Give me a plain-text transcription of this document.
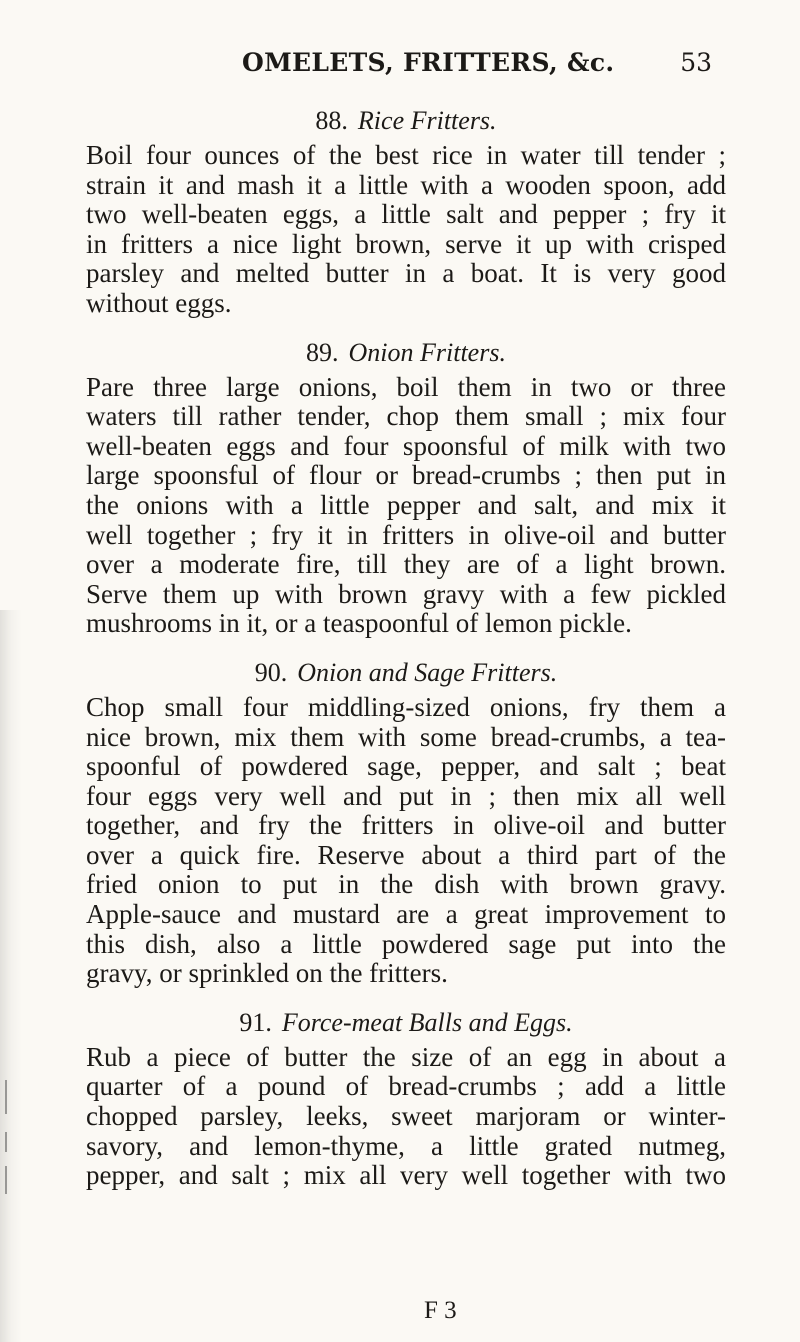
OMELETS, FRITTERS, &c.	53
88. Rice Fritters.

Boil four ounces of the best rice in water till tender ;
strain it and mash it a little with a wooden spoon, add
two well-beaten eggs, a little salt and pepper ; fry it
in fritters a nice light brown, serve it up with crisped
parsley and melted butter in a boat. It is very good
without eggs.

89. Onion Fritters.

Pare three large onions, boil them in two or three
waters till rather tender, chop them small ; mix four
well-beaten eggs and four spoonsful of milk with two
large spoonsful of flour or bread-crumbs ; then put in
the onions with a little pepper and salt, and mix it
well together ; fry it in fritters in olive-oil and butter
over a moderate fire, till they are of a light brown.
Serve them up with brown gravy with a few pickled
mushrooms in it, or a teaspoonful of lemon pickle.

90. Onion and Sage Fritters.

Chop small four middling-sized onions, fry them a
nice brown, mix them with some bread-crumbs, a tea-
spoonful of powdered sage, pepper, and salt ; beat
four eggs very well and put in ; then mix all well
together, and fry the fritters in olive-oil and butter
over a quick fire. Reserve about a third part of the
fried onion to put in the dish with brown gravy.
Apple-sauce and mustard are a great improvement to
this dish, also a little powdered sage put into the
gravy, or sprinkled on the fritters.

91. Force-meat Balls and Eggs.

Rub a piece of butter the size of an egg in about a
quarter of a pound of bread-crumbs ; add a little
chopped parsley, leeks, sweet marjoram or winter-
savory, and lemon-thyme, a little grated nutmeg,
pepper, and salt ; mix all very well together with two

F 3
